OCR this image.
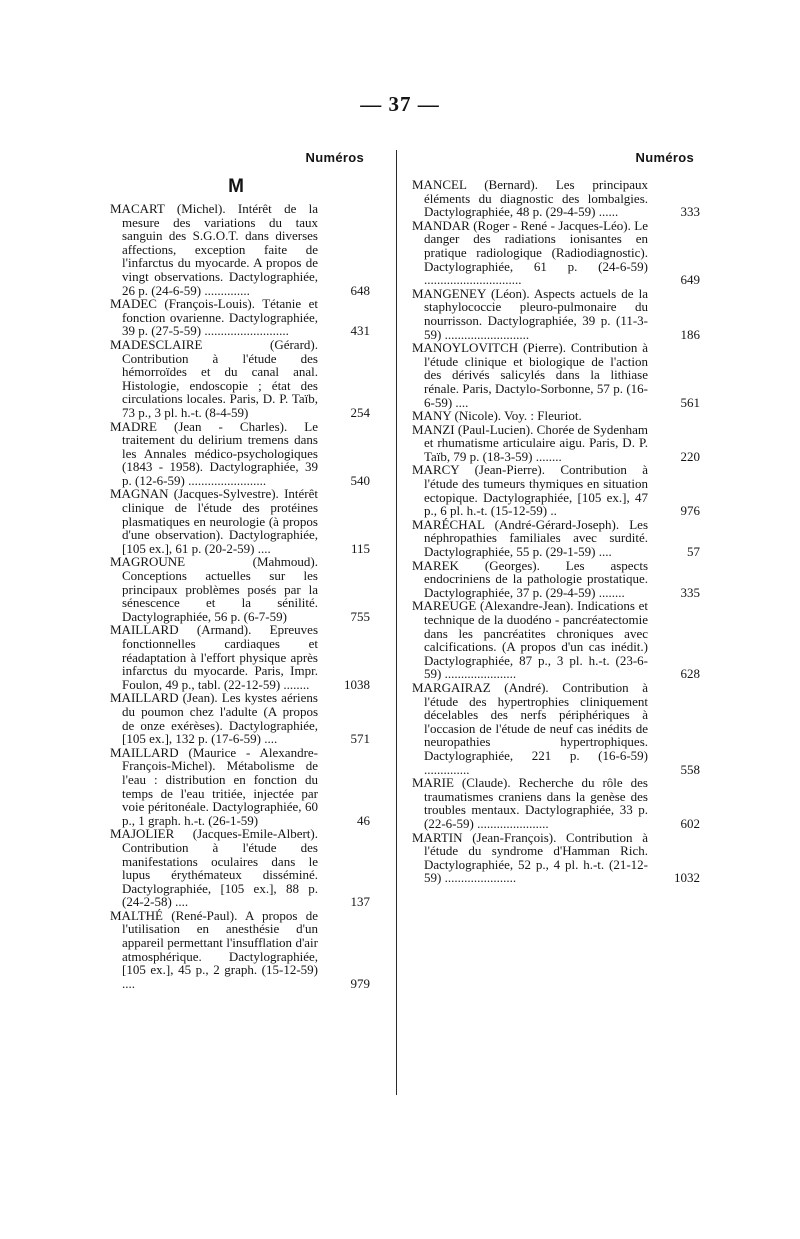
— 37 —
Numéros
M
MACART (Michel). Intérêt de la mesure des variations du taux sanguin des S.G.O.T. dans diverses affections, exception faite de l'infarctus du myocarde. A propos de vingt observations. Dactylographiée, 26 p. (24-6-59) ..............	648
MADEC (François-Louis). Tétanie et fonction ovarienne. Dactylographiée, 39 p. (27-5-59) ..........................	431
MADESCLAIRE (Gérard). Contribution à l'étude des hémorroïdes et du canal anal. Histologie, endoscopie ; état des circulations locales. Paris, D. P. Taïb, 73 p., 3 pl. h.-t. (8-4-59)	254
MADRE (Jean - Charles). Le traitement du delirium tremens dans les Annales médico-psychologiques (1843 - 1958). Dactylographiée, 39 p. (12-6-59) ........................	540
MAGNAN (Jacques-Sylvestre). Intérêt clinique de l'étude des protéines plasmatiques en neurologie (à propos d'une observation). Dactylographiée, [105 ex.], 61 p. (20-2-59) ....	115
MAGROUNE (Mahmoud). Conceptions actuelles sur les principaux problèmes posés par la sénescence et la sénilité. Dactylographiée, 56 p. (6-7-59)	755
MAILLARD (Armand). Epreuves fonctionnelles cardiaques et réadaptation à l'effort physique après infarctus du myocarde. Paris, Impr. Foulon, 49 p., tabl. (22-12-59) ........	1038
MAILLARD (Jean). Les kystes aériens du poumon chez l'adulte (A propos de onze exérèses). Dactylographiée, [105 ex.], 132 p. (17-6-59) ....	571
MAILLARD (Maurice - Alexandre-François-Michel). Métabolisme de l'eau : distribution en fonction du temps de l'eau tritiée, injectée par voie péritonéale. Dactylographiée, 60 p., 1 graph. h.-t. (26-1-59)	46
MAJOLIER (Jacques-Emile-Albert). Contribution à l'étude des manifestations oculaires dans le lupus érythémateux disséminé. Dactylographiée, [105 ex.], 88 p. (24-2-58) ....	137
MALTHÉ (René-Paul). A propos de l'utilisation en anesthésie d'un appareil permettant l'insufflation d'air atmosphérique. Dactylographiée, [105 ex.], 45 p., 2 graph. (15-12-59) ....	979
Numéros
MANCEL (Bernard). Les principaux éléments du diagnostic des lombalgies. Dactylographiée, 48 p. (29-4-59) ......	333
MANDAR (Roger - René - Jacques-Léo). Le danger des radiations ionisantes en pratique radiologique (Radiodiagnostic). Dactylographiée, 61 p. (24-6-59) ..............................	649
MANGENEY (Léon). Aspects actuels de la staphylococcie pleuro-pulmonaire du nourrisson. Dactylographiée, 39 p. (11-3-59) ..........................	186
MANOYLOVITCH (Pierre). Contribution à l'étude clinique et biologique de l'action des dérivés salicylés dans la lithiase rénale. Paris, Dactylo-Sorbonne, 57 p. (16-6-59) ....	561
MANY (Nicole). Voy. : Fleuriot.
MANZI (Paul-Lucien). Chorée de Sydenham et rhumatisme articulaire aigu. Paris, D. P. Taïb, 79 p. (18-3-59) ........	220
MARCY (Jean-Pierre). Contribution à l'étude des tumeurs thymiques en situation ectopique. Dactylographiée, [105 ex.], 47 p., 6 pl. h.-t. (15-12-59) ..	976
MARÉCHAL (André-Gérard-Joseph). Les néphropathies familiales avec surdité. Dactylographiée, 55 p. (29-1-59) ....	57
MAREK (Georges). Les aspects endocriniens de la pathologie prostatique. Dactylographiée, 37 p. (29-4-59) ........	335
MAREUGE (Alexandre-Jean). Indications et technique de la duodéno - pancréatectomie dans les pancréatites chroniques avec calcifications. (A propos d'un cas inédit.) Dactylographiée, 87 p., 3 pl. h.-t. (23-6-59) ......................	628
MARGAIRAZ (André). Contribution à l'étude des hypertrophies cliniquement décelables des nerfs périphériques à l'occasion de l'étude de neuf cas inédits de neuropathies hypertrophiques. Dactylographiée, 221 p. (16-6-59) ..............	558
MARIE (Claude). Recherche du rôle des traumatismes craniens dans la genèse des troubles mentaux. Dactylographiée, 33 p. (22-6-59) ......................	602
MARTIN (Jean-François). Contribution à l'étude du syndrome d'Hamman Rich. Dactylographiée, 52 p., 4 pl. h.-t. (21-12-59) ......................	1032
